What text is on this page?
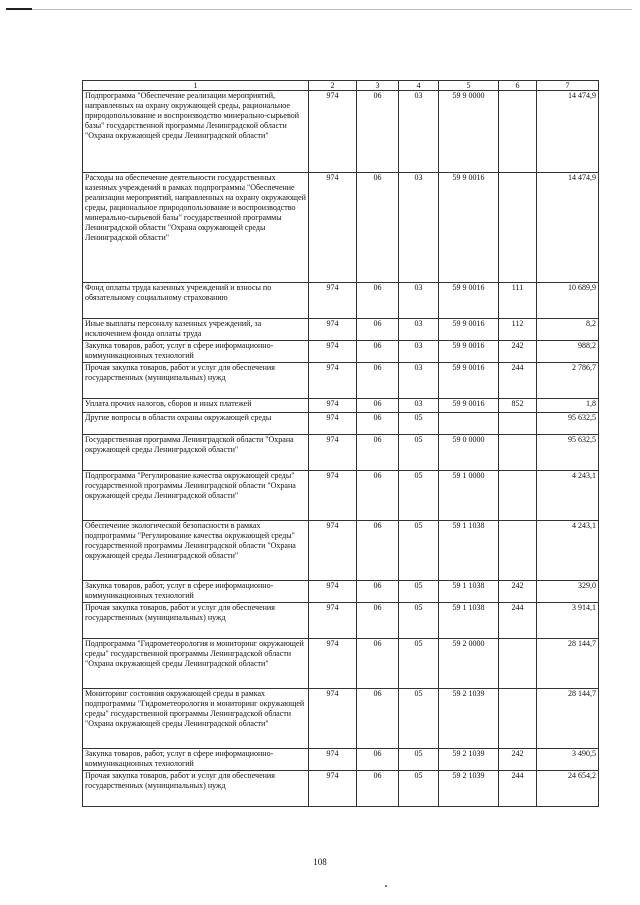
1	2	3	4	5	6	7
Подпрограмма "Обеспечение реализации мероприятий, направленных на охрану окружающей среды, рациональное природопользование и воспроизводство минерально-сырьевой базы" государственной программы Ленинградской области "Охрана окружающей среды Ленинградской области"	974	06	03	59 9 0000		14 474,9
Расходы на обеспечение деятельности государственных казенных учреждений в рамках подпрограммы "Обеспечение реализации мероприятий, направленных на охрану окружающей среды, рациональное природопользование и воспроизводство минерально-сырьевой базы" государственной программы Ленинградской области "Охрана окружающей среды Ленинградской области"	974	06	03	59 9 0016		14 474,9
Фонд оплаты труда казенных учреждений и взносы по обязательному социальному страхованию	974	06	03	59 9 0016	111	10 689,9
Иные выплаты персоналу казенных учреждений, за исключением фонда оплаты труда	974	06	03	59 9 0016	112	8,2
Закупка товаров, работ, услуг в сфере информационно-коммуникационных технологий	974	06	03	59 9 0016	242	988,2
Прочая закупка товаров, работ и услуг для обеспечения государственных (муниципальных) нужд	974	06	03	59 9 0016	244	2 786,7
Уплата прочих налогов, сборов и иных платежей	974	06	03	59 9 0016	852	1,8
Другие вопросы в области охраны окружающей среды	974	06	05			95 632,5
Государственная программа Ленинградской области "Охрана окружающей среды Ленинградской области"	974	06	05	59 0 0000		95 632,5
Подпрограмма "Регулирование качества окружающей среды" государственной программы Ленинградской области "Охрана окружающей среды Ленинградской области"	974	06	05	59 1 0000		4 243,1
Обеспечение экологической безопасности в рамках подпрограммы "Регулирование качества окружающей среды" государственной программы Ленинградской области "Охрана окружающей среды Ленинградской области"	974	06	05	59 1 1038		4 243,1
Закупка товаров, работ, услуг в сфере информационно-коммуникационных технологий	974	06	05	59 1 1038	242	329,0
Прочая закупка товаров, работ и услуг для обеспечения государственных (муниципальных) нужд	974	06	05	59 1 1038	244	3 914,1
Подпрограмма "Гидрометеорология и мониторинг окружающей среды" государственной программы Ленинградской области "Охрана окружающей среды Ленинградской области"	974	06	05	59 2 0000		28 144,7
Мониторинг состояния окружающей среды в рамках подпрограммы "Гидрометеорология и мониторинг окружающей среды" государственной программы Ленинградской области "Охрана окружающей среды Ленинградской области"	974	06	05	59 2 1039		28 144,7
Закупка товаров, работ, услуг в сфере информационно-коммуникационных технологий	974	06	05	59 2 1039	242	3 490,5
Прочая закупка товаров, работ и услуг для обеспечения государственных (муниципальных) нужд	974	06	05	59 2 1039	244	24 654,2
108
